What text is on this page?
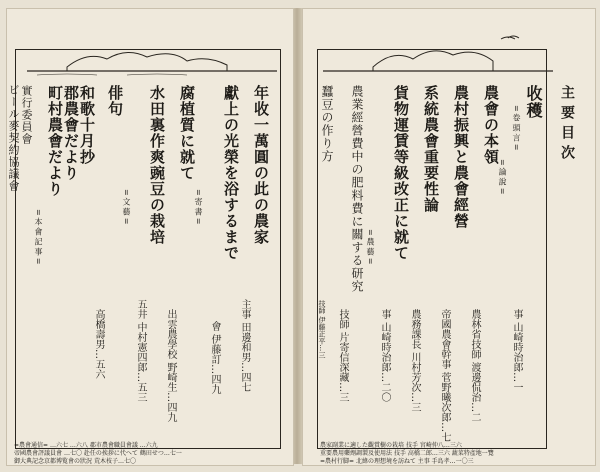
年收一萬圓の此の農家
主事 田邊和男…四七
獻上の光榮を浴するまで
會 伊藤訂…四九
=寄書=
腐植質に就て
出雲農學校 野崎生…四九
水田裏作爽豌豆の栽培
五井 中村憲四郎…五三
=文藝=
俳句
高橋壽男…五六
和歌十月抄
郡農會だより
町村農會だより
=本會記事=
實行委員會
ビール麥契約協議會	主要目次
收穫
=卷頭言=
事 山崎時治郎…一
=論說=
農會の本領
農林省技師 渡邊侃治…二
農村振興と農會經營
帝國農會幹事 菅野曦次郎…七
系統農會重要性論
農務課長 川村芳次…三
貨物運賃等級改正に就て
事 山崎時治郎…二〇
=農藝=
農業經營費中の肥料費に關する研究
技師 片寄信深藏…三
蠶豆の作り方
技師 伊藤正平…三
農家副業に適した觀賞樹の栽培 技手 宮崎仲八…三六
重要農用藥劑調製及使用法 技手 高橋二郎…三六 蔬菜特產地一覽
=農村行脚= 北緯の理想境を訪ねて 主事 手島孝…一〇三
=農會通信= …六七 …六八 郡市農會職員會議 …六九
帝國農會評議員會 …七〇 赴任の挨拶に代へて 鶴田せつ…七一
御大典記念京都博覧會の狀況 荒木枝子…七〇
